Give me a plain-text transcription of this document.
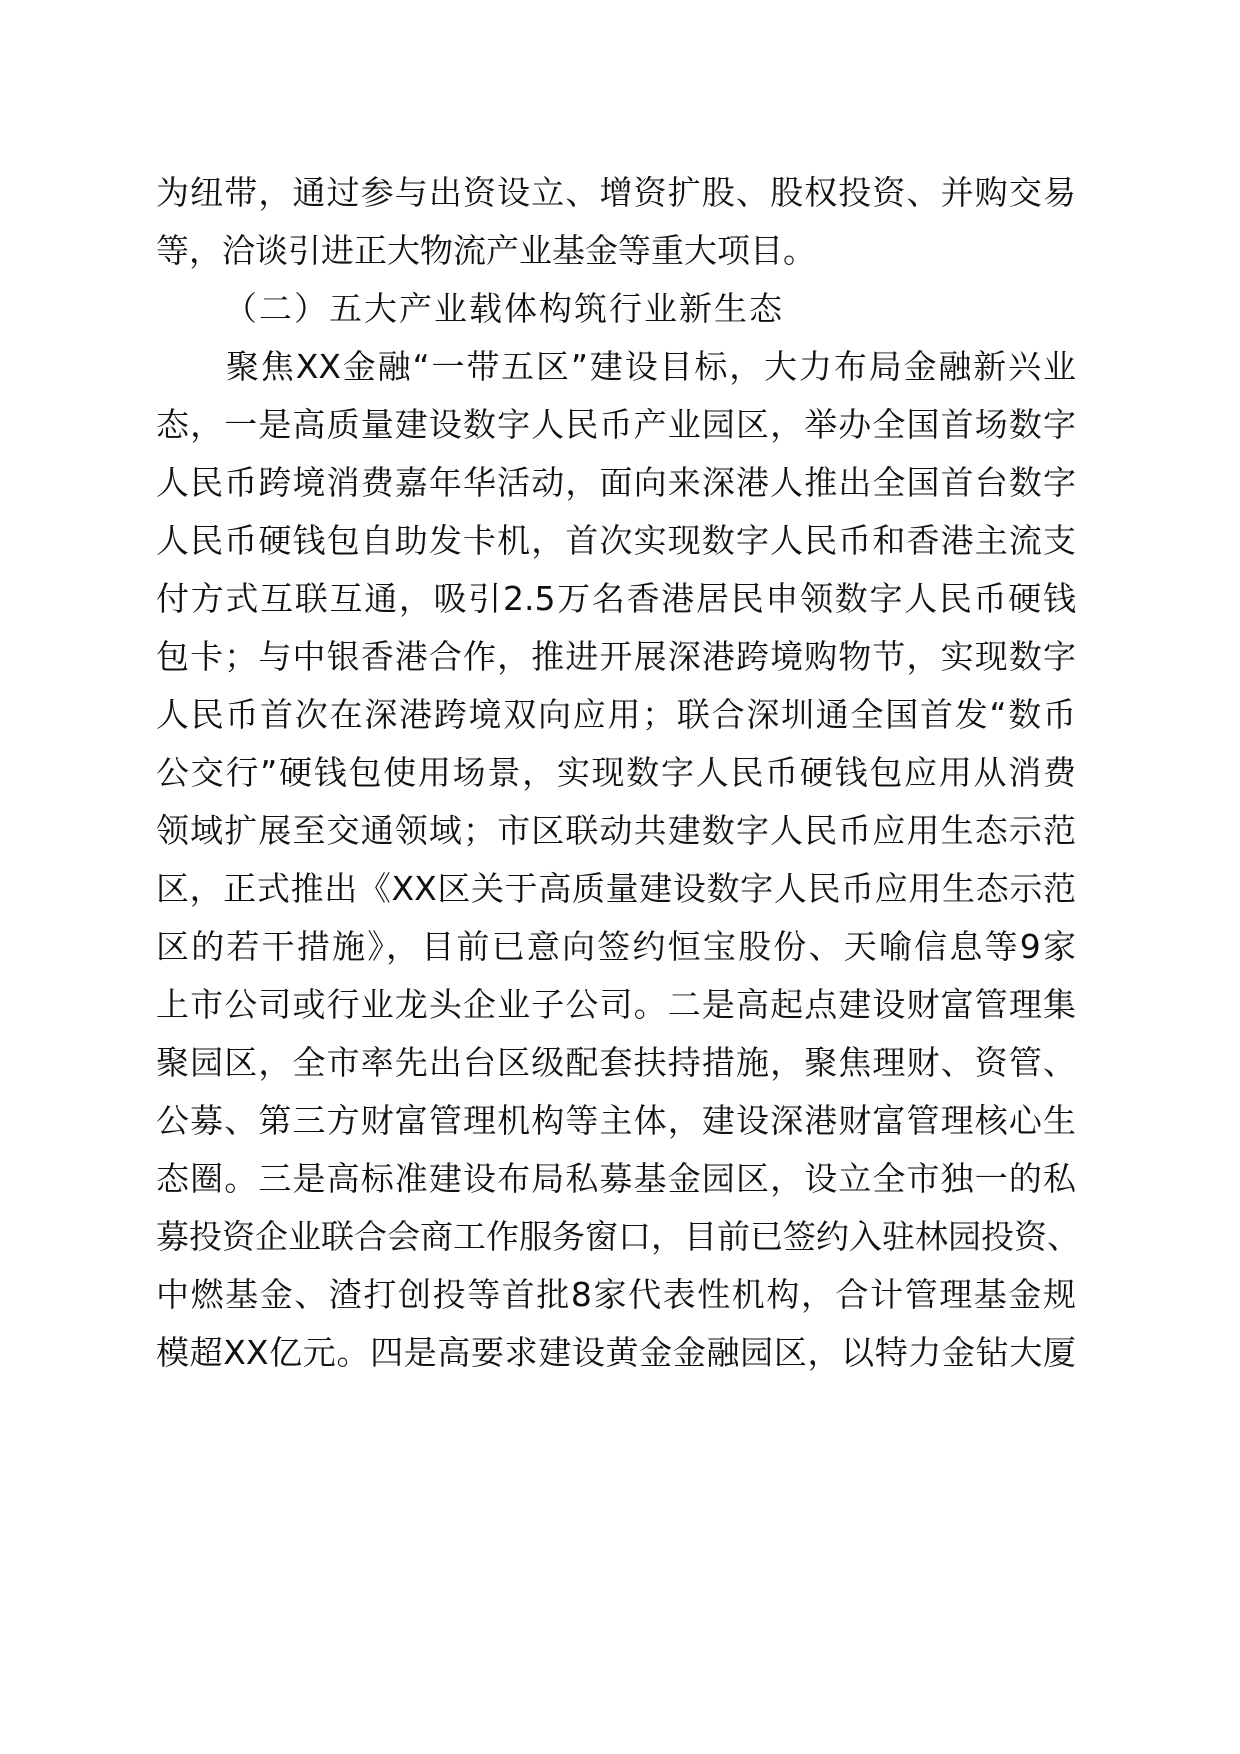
为纽带，通过参与出资设立、增资扩股、股权投资、并购交易
等，洽谈引进正大物流产业基金等重大项目。
（二）五大产业载体构筑行业新生态
聚焦XX金融“一带五区”建设目标，大力布局金融新兴业
态，一是高质量建设数字人民币产业园区，举办全国首场数字
人民币跨境消费嘉年华活动，面向来深港人推出全国首台数字
人民币硬钱包自助发卡机，首次实现数字人民币和香港主流支
付方式互联互通，吸引2.5万名香港居民申领数字人民币硬钱
包卡；与中银香港合作，推进开展深港跨境购物节，实现数字
人民币首次在深港跨境双向应用；联合深圳通全国首发“数币
公交行”硬钱包使用场景，实现数字人民币硬钱包应用从消费
领域扩展至交通领域；市区联动共建数字人民币应用生态示范
区，正式推出《XX区关于高质量建设数字人民币应用生态示范
区的若干措施》，目前已意向签约恒宝股份、天喻信息等9家
上市公司或行业龙头企业子公司。二是高起点建设财富管理集
聚园区，全市率先出台区级配套扶持措施，聚焦理财、资管、
公募、第三方财富管理机构等主体，建设深港财富管理核心生
态圈。三是高标准建设布局私募基金园区，设立全市独一的私
募投资企业联合会商工作服务窗口，目前已签约入驻林园投资、
中燃基金、渣打创投等首批8家代表性机构，合计管理基金规
模超XX亿元。四是高要求建设黄金金融园区，以特力金钻大厦
